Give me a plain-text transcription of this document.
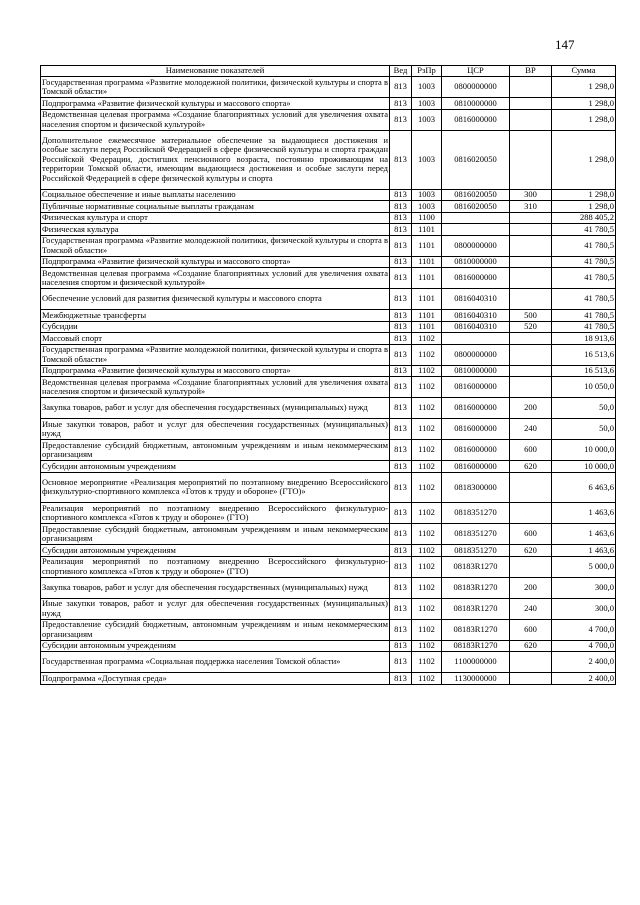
147
Наименование показателей	Вед	РзПр	ЦСР	ВР	Сумма
Государственная программа «Развитие молодежной политики, физической культуры и спорта в Томской области»	813	1003	0800000000		1 298,0
Подпрограмма «Развитие физической культуры и массового спорта»	813	1003	0810000000		1 298,0
Ведомственная целевая программа «Создание благоприятных условий для увеличения охвата населения спортом и физической культурой»	813	1003	0816000000		1 298,0
Дополнительное ежемесячное материальное обеспечение за выдающиеся достижения и особые заслуги перед Российской Федерацией в сфере физической культуры и спорта граждан Российской Федерации, достигших пенсионного возраста, постоянно проживающим на территории Томской области, имеющим выдающиеся достижения и особые заслуги перед Российской Федерацией в сфере физической культуры и спорта	813	1003	0816020050		1 298,0
Социальное обеспечение и иные выплаты населению	813	1003	0816020050	300	1 298,0
Публичные нормативные социальные выплаты гражданам	813	1003	0816020050	310	1 298,0
Физическая культура и спорт	813	1100			288 405,2
Физическая культура	813	1101			41 780,5
Государственная программа «Развитие молодежной политики, физической культуры и спорта в Томской области»	813	1101	0800000000		41 780,5
Подпрограмма «Развитие физической культуры и массового спорта»	813	1101	0810000000		41 780,5
Ведомственная целевая программа «Создание благоприятных условий для увеличения охвата населения спортом и физической культурой»	813	1101	0816000000		41 780,5
Обеспечение условий для развития физической культуры и массового спорта	813	1101	0816040310		41 780,5
Межбюджетные трансферты	813	1101	0816040310	500	41 780,5
Субсидии	813	1101	0816040310	520	41 780,5
Массовый спорт	813	1102			18 913,6
Государственная программа «Развитие молодежной политики, физической культуры и спорта в Томской области»	813	1102	0800000000		16 513,6
Подпрограмма «Развитие физической культуры и массового спорта»	813	1102	0810000000		16 513,6
Ведомственная целевая программа «Создание благоприятных условий для увеличения охвата населения спортом и физической культурой»	813	1102	0816000000		10 050,0
Закупка товаров, работ и услуг для обеспечения государственных (муниципальных) нужд	813	1102	0816000000	200	50,0
Иные закупки товаров, работ и услуг для обеспечения государственных (муниципальных) нужд	813	1102	0816000000	240	50,0
Предоставление субсидий бюджетным, автономным учреждениям и иным некоммерческим организациям	813	1102	0816000000	600	10 000,0
Субсидии автономным учреждениям	813	1102	0816000000	620	10 000,0
Основное мероприятие «Реализация мероприятий по поэтапному внедрению Всероссийского физкультурно-спортивного комплекса «Готов к труду и обороне» (ГТО)»	813	1102	0818300000		6 463,6
Реализация мероприятий по поэтапному внедрению Всероссийского физкультурно-спортивного комплекса «Готов к труду и обороне» (ГТО)	813	1102	0818351270		1 463,6
Предоставление субсидий бюджетным, автономным учреждениям и иным некоммерческим организациям	813	1102	0818351270	600	1 463,6
Субсидии автономным учреждениям	813	1102	0818351270	620	1 463,6
Реализация мероприятий по поэтапному внедрению Всероссийского физкультурно-спортивного комплекса «Готов к труду и обороне» (ГТО)	813	1102	08183R1270		5 000,0
Закупка товаров, работ и услуг для обеспечения государственных (муниципальных) нужд	813	1102	08183R1270	200	300,0
Иные закупки товаров, работ и услуг для обеспечения государственных (муниципальных) нужд	813	1102	08183R1270	240	300,0
Предоставление субсидий бюджетным, автономным учреждениям и иным некоммерческим организациям	813	1102	08183R1270	600	4 700,0
Субсидии автономным учреждениям	813	1102	08183R1270	620	4 700,0
Государственная программа «Социальная поддержка населения Томской области»	813	1102	1100000000		2 400,0
Подпрограмма «Доступная среда»	813	1102	1130000000		2 400,0
